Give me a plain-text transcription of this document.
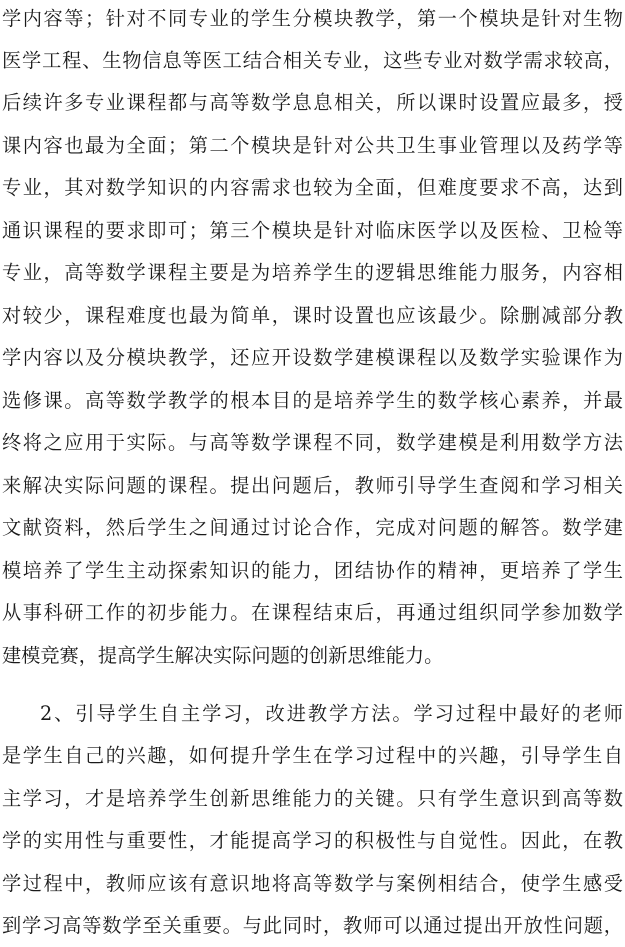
学内容等；针对不同专业的学生分模块教学，第一个模块是针对生物
医学工程、生物信息等医工结合相关专业，这些专业对数学需求较高，
后续许多专业课程都与高等数学息息相关，所以课时设置应最多，授
课内容也最为全面；第二个模块是针对公共卫生事业管理以及药学等
专业，其对数学知识的内容需求也较为全面，但难度要求不高，达到
通识课程的要求即可；第三个模块是针对临床医学以及医检、卫检等
专业，高等数学课程主要是为培养学生的逻辑思维能力服务，内容相
对较少，课程难度也最为简单，课时设置也应该最少。除删减部分教
学内容以及分模块教学，还应开设数学建模课程以及数学实验课作为
选修课。高等数学教学的根本目的是培养学生的数学核心素养，并最
终将之应用于实际。与高等数学课程不同，数学建模是利用数学方法
来解决实际问题的课程。提出问题后，教师引导学生查阅和学习相关
文献资料，然后学生之间通过讨论合作，完成对问题的解答。数学建
模培养了学生主动探索知识的能力，团结协作的精神，更培养了学生
从事科研工作的初步能力。在课程结束后，再通过组织同学参加数学
建模竞赛，提高学生解决实际问题的创新思维能力。
2、引导学生自主学习，改进教学方法。学习过程中最好的老师
是学生自己的兴趣，如何提升学生在学习过程中的兴趣，引导学生自
主学习，才是培养学生创新思维能力的关键。只有学生意识到高等数
学的实用性与重要性，才能提高学习的积极性与自觉性。因此，在教
学过程中，教师应该有意识地将高等数学与案例相结合，使学生感受
到学习高等数学至关重要。与此同时，教师可以通过提出开放性问题，
